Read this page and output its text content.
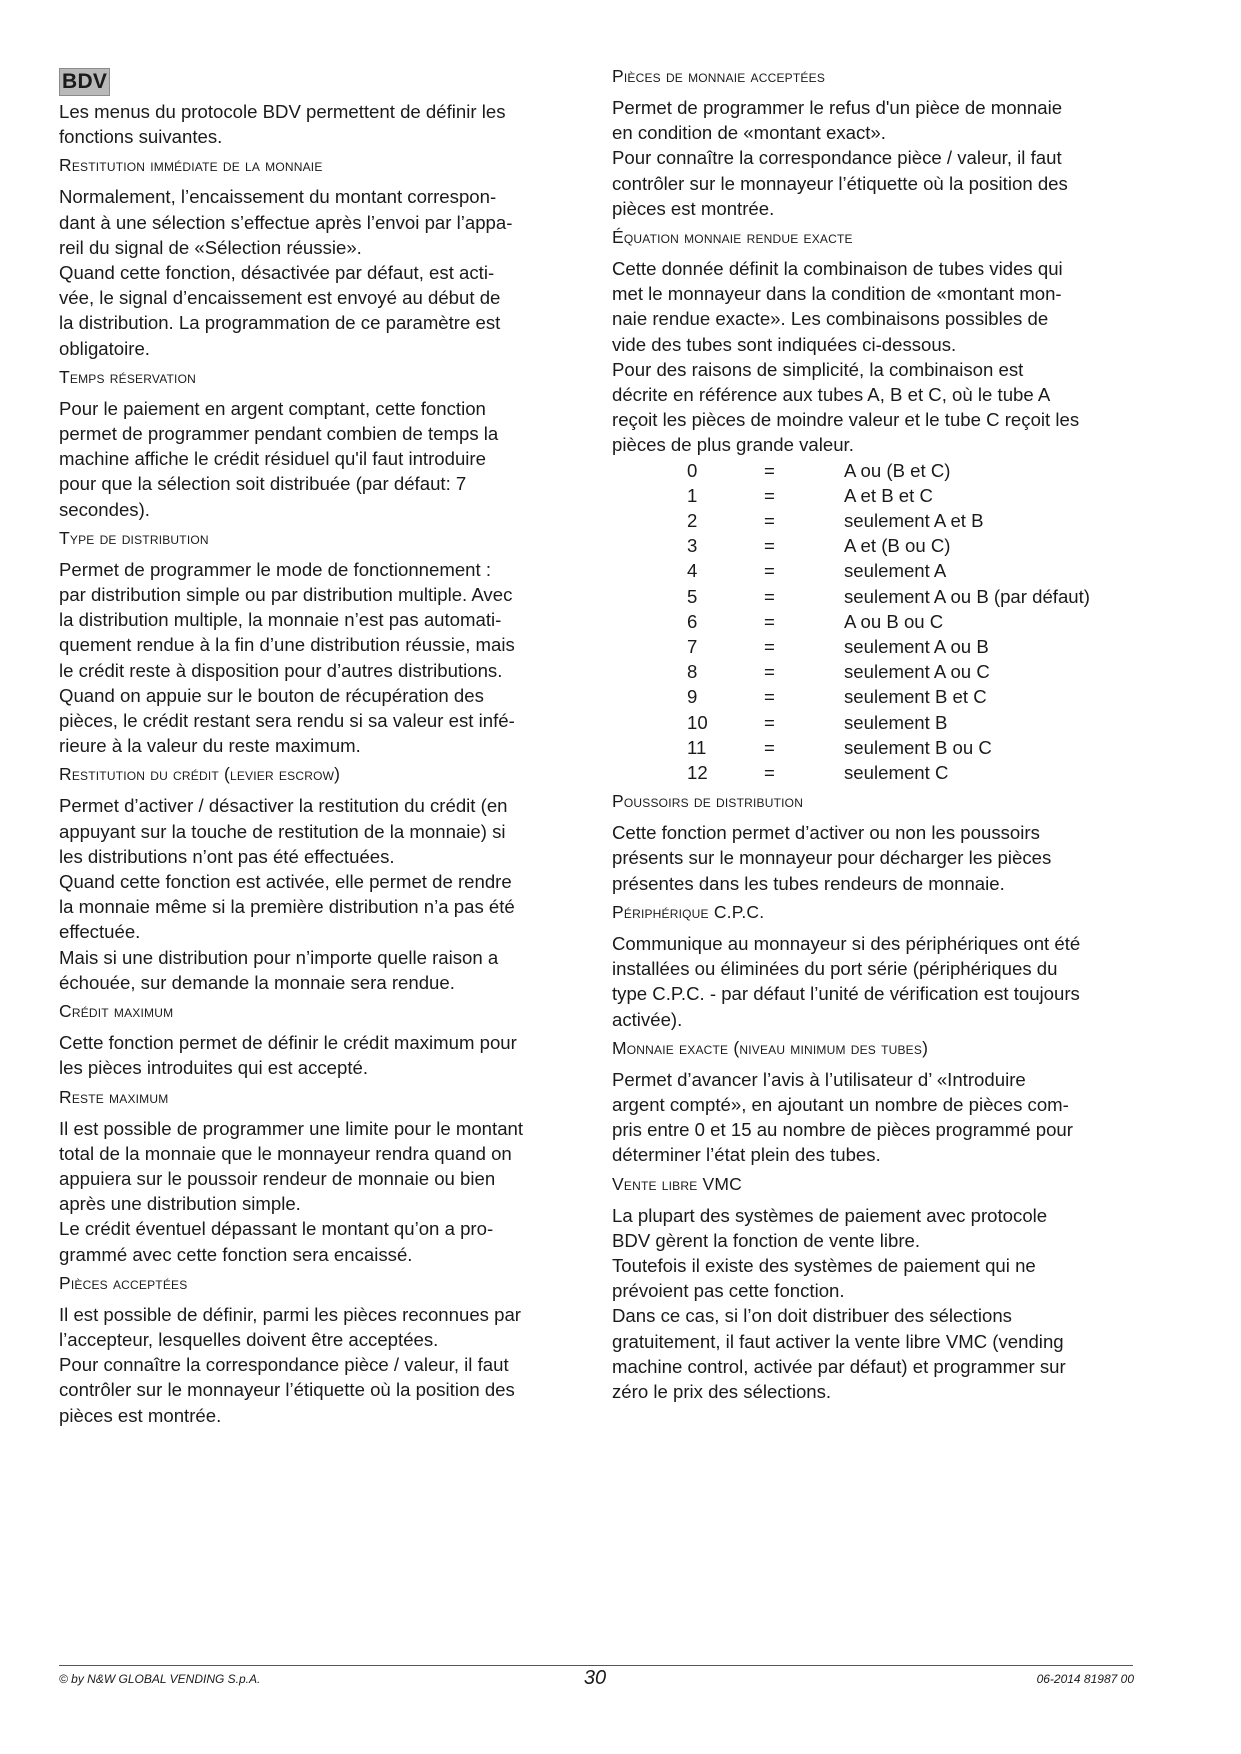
BDV

Les menus du protocole BDV permettent de définir les
fonctions suivantes.

Restitution immédiate de la monnaie

Normalement, l’encaissement du montant correspon-
dant à une sélection s’effectue après l’envoi par l’appa-
reil du signal de «Sélection réussie».
Quand cette fonction, désactivée par défaut, est acti-
vée, le signal d’encaissement est envoyé au début de
la distribution. La programmation de ce paramètre est
obligatoire.

Temps réservation

Pour le paiement en argent comptant, cette fonction
permet de programmer pendant combien de temps la
machine affiche le crédit résiduel qu'il faut introduire
pour que la sélection soit distribuée (par défaut: 7
secondes).

Type de distribution

Permet de programmer le mode de fonctionnement :
par distribution simple ou par distribution multiple. Avec
la distribution multiple, la monnaie n’est pas automati-
quement rendue à la fin d’une distribution réussie, mais
le crédit reste à disposition pour d’autres distributions.
Quand on appuie sur le bouton de récupération des
pièces, le crédit restant sera rendu si sa valeur est infé-
rieure à la valeur du reste maximum.

Restitution du crédit (levier escrow)

Permet d’activer / désactiver la restitution du crédit (en
appuyant sur la touche de restitution de la monnaie) si
les distributions n’ont pas été effectuées.
Quand cette fonction est activée, elle permet de rendre
la monnaie même si la première distribution n’a pas été
effectuée.
Mais si une distribution pour n’importe quelle raison a
échouée, sur demande la monnaie sera rendue.

Crédit maximum

Cette fonction permet de définir le crédit maximum pour
les pièces introduites qui est accepté.

Reste maximum

Il est possible de programmer une limite pour le montant
total de la monnaie que le monnayeur rendra quand on
appuiera sur le poussoir rendeur de monnaie ou bien
après une distribution simple.
Le crédit éventuel dépassant le montant qu’on a pro-
grammé avec cette fonction sera encaissé.

Pièces acceptées

Il est possible de définir, parmi les pièces reconnues par
l’accepteur, lesquelles doivent être acceptées.
Pour connaître la correspondance pièce / valeur, il faut
contrôler sur le monnayeur l’étiquette où la position des
pièces est montrée.

Pièces de monnaie acceptées

Permet de programmer le refus d'un pièce de monnaie
en condition de «montant exact».
Pour connaître la correspondance pièce / valeur, il faut
contrôler sur le monnayeur l’étiquette où la position des
pièces est montrée.

Équation monnaie rendue exacte

Cette donnée définit la combinaison de tubes vides qui
met le monnayeur dans la condition de «montant mon-
naie rendue exacte». Les combinaisons possibles de
vide des tubes sont indiquées ci-dessous.
Pour des raisons de simplicité, la combinaison est
décrite en référence aux tubes A, B et C, où le tube A
reçoit les pièces de moindre valeur et le tube C reçoit les
pièces de plus grande valeur.

0	=	A ou (B et C)
1	=	A et B et C
2	=	seulement A et B
3	=	A et (B ou C)
4	=	seulement A
5	=	seulement A ou B (par défaut)
6	=	A ou B ou C
7	=	seulement A ou B
8	=	seulement A ou C
9	=	seulement B et C
10	=	seulement B
11	=	seulement B ou C
12	=	seulement C
Poussoirs de distribution

Cette fonction permet d’activer ou non les poussoirs
présents sur le monnayeur pour décharger les pièces
présentes dans les tubes rendeurs de monnaie.

Périphérique C.P.C.

Communique au monnayeur si des périphériques ont été
installées ou éliminées du port série (périphériques du
type C.P.C. - par défaut l’unité de vérification est toujours
activée).

Monnaie exacte (niveau minimum des tubes)

Permet d’avancer l’avis à l’utilisateur d’ «Introduire
argent compté», en ajoutant un nombre de pièces com-
pris entre 0 et 15 au nombre de pièces programmé pour
déterminer l’état plein des tubes.

Vente libre VMC

La plupart des systèmes de paiement avec protocole
BDV gèrent la fonction de vente libre.
Toutefois il existe des systèmes de paiement qui ne
prévoient pas cette fonction.
Dans ce cas, si l’on doit distribuer des sélections
gratuitement, il faut activer la vente libre VMC (vending
machine control, activée par défaut) et programmer sur
zéro le prix des sélections.

© by N&W GLOBAL VENDING S.p.A.	30	06-2014 81987 00
